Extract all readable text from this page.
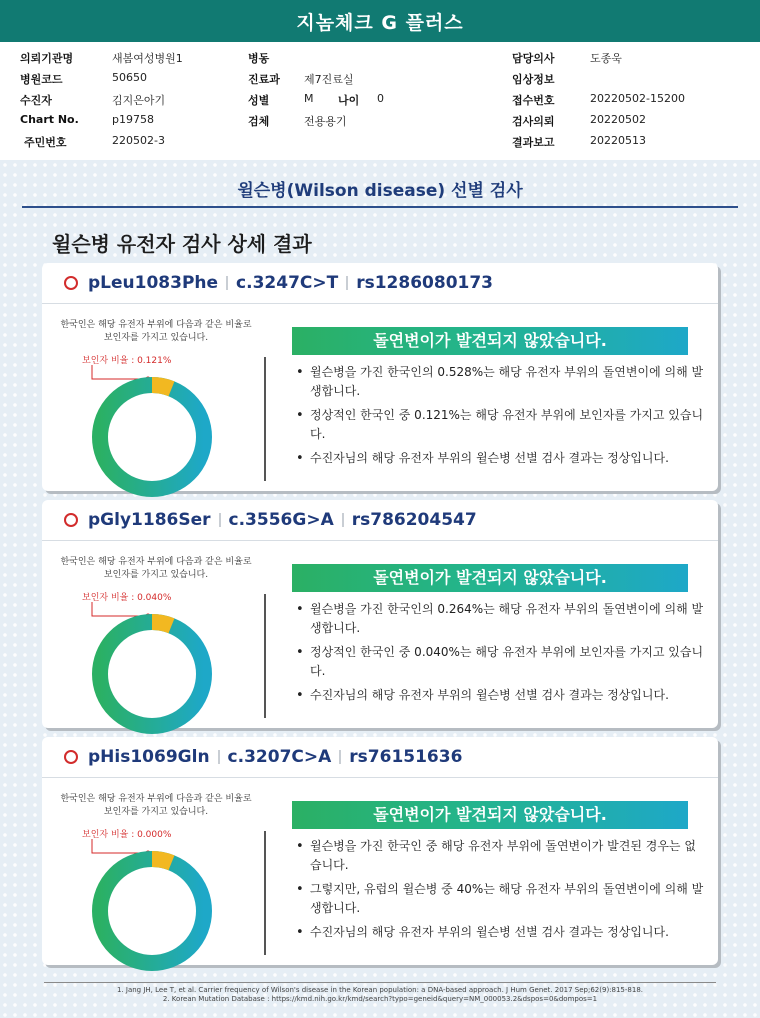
지놈체크 G 플러스
의뢰기관명	새봄여성병원1
병원코드	50650
수진자	김지은아기
Chart No.	p19758
주민번호	220502-3
병동
진료과 제7진료실
성별	M 나이 0
검체	전용용기
담당의사	도종욱
임상정보
접수번호	20220502-15200
검사의뢰	20220502
결과보고	20220513
윌슨병(Wilson disease) 선별 검사
윌슨병 유전자 검사 상세 결과
pLeu1083Phe c.3247C>T rs1286080173
한국인은 해당 유전자 부위에 다음과 같은 비율로 보인자를 가지고 있습니다.
보인자 비율 : 0.121%
돌연변이가 발견되지 않았습니다.
• 윌슨병을 가진 한국인의 0.528%는 해당 유전자 부위의 돌연변이에 의해 발생합니다.
• 정상적인 한국인 중 0.121%는 해당 유전자 부위에 보인자를 가지고 있습니다.
• 수진자님의 해당 유전자 부위의 윌슨병 선별 검사 결과는 정상입니다.
pGly1186Ser c.3556G>A rs786204547
한국인은 해당 유전자 부위에 다음과 같은 비율로 보인자를 가지고 있습니다.
보인자 비율 : 0.040%
돌연변이가 발견되지 않았습니다.
• 윌슨병을 가진 한국인의 0.264%는 해당 유전자 부위의 돌연변이에 의해 발생합니다.
• 정상적인 한국인 중 0.040%는 해당 유전자 부위에 보인자를 가지고 있습니다.
• 수진자님의 해당 유전자 부위의 윌슨병 선별 검사 결과는 정상입니다.
pHis1069Gln c.3207C>A rs76151636
한국인은 해당 유전자 부위에 다음과 같은 비율로 보인자를 가지고 있습니다.
보인자 비율 : 0.000%
돌연변이가 발견되지 않았습니다.
• 윌슨병을 가진 한국인 중 해당 유전자 부위에 돌연변이가 발견된 경우는 없습니다.
• 그렇지만, 유럽의 윌슨병 중 40%는 해당 유전자 부위의 돌연변이에 의해 발생합니다.
• 수진자님의 해당 유전자 부위의 윌슨병 선별 검사 결과는 정상입니다.
1. Jang JH, Lee T, et al. Carrier frequency of Wilson's disease in the Korean population: a DNA-based approach. J Hum Genet. 2017 Sep;62(9):815-818.
2. Korean Mutation Database : https://kmd.nih.go.kr/kmd/search?typo=geneid&query=NM_000053.2&dspos=0&dompos=1
